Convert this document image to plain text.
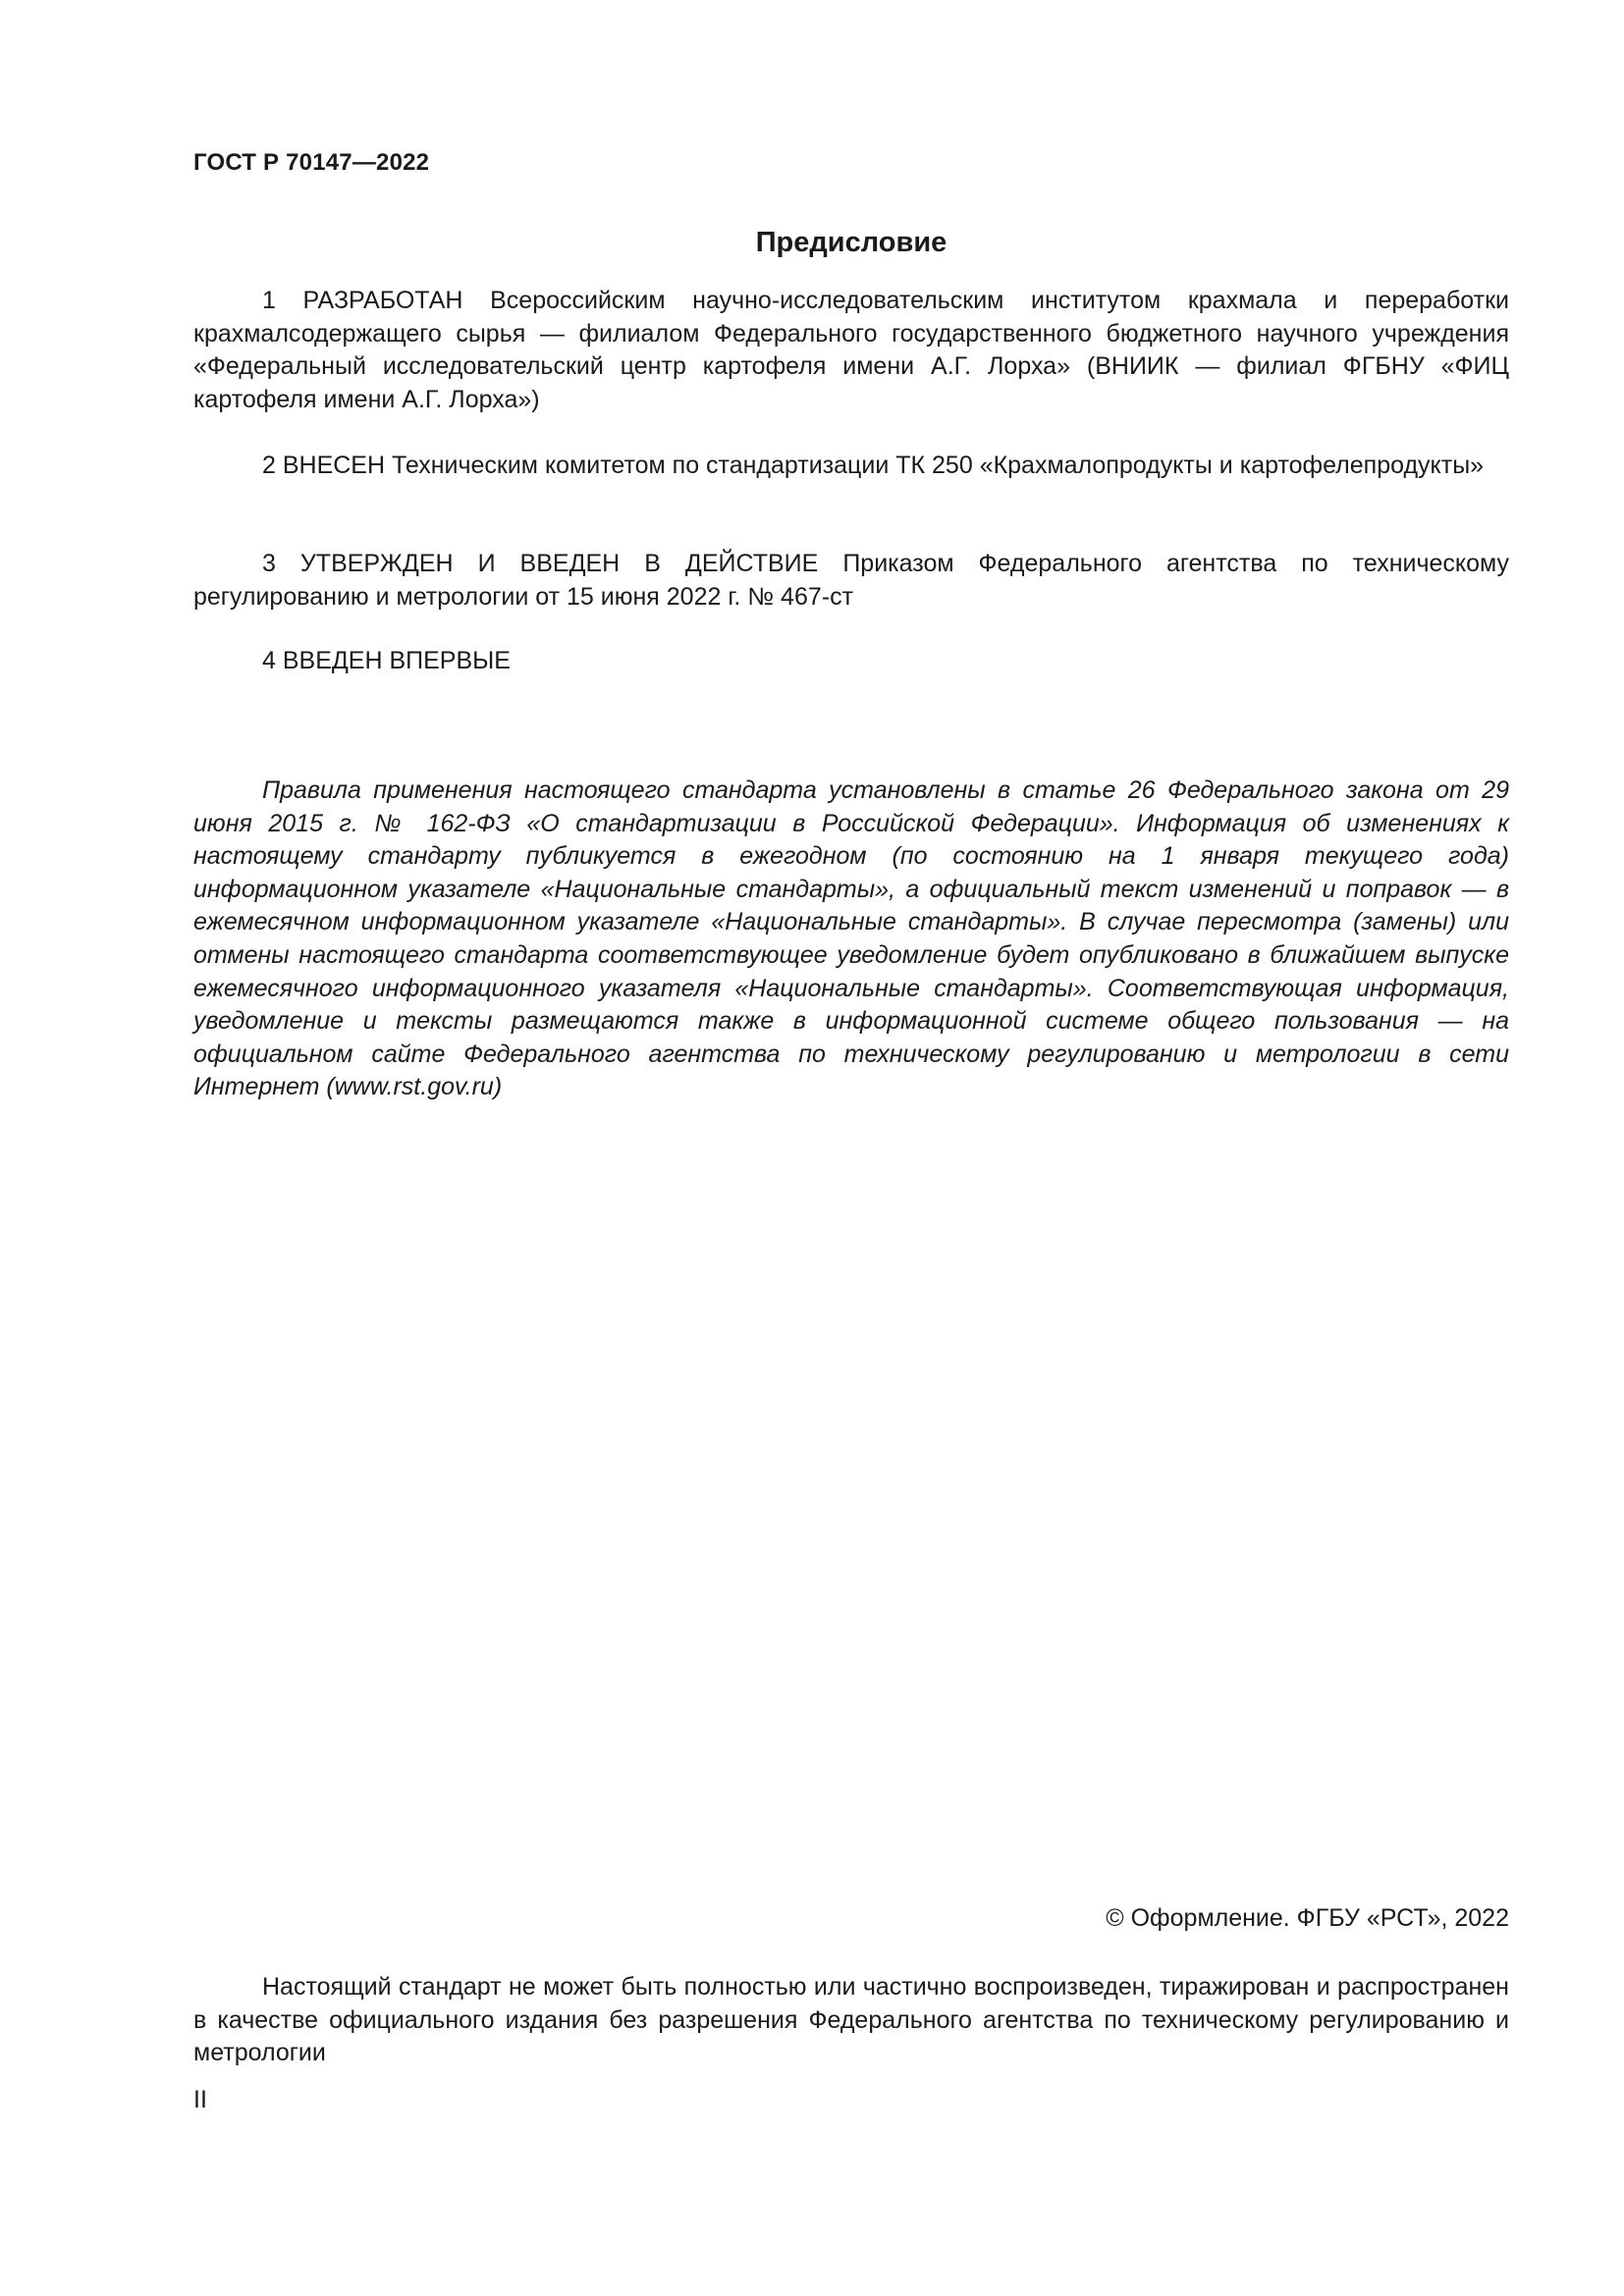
ГОСТ Р 70147—2022
Предисловие

1 РАЗРАБОТАН Всероссийским научно-исследовательским институтом крахмала и переработки крахмалсодержащего сырья — филиалом Федерального государственного бюджетного научного учреждения «Федеральный исследовательский центр картофеля имени А.Г. Лорха» (ВНИИК — филиал ФГБНУ «ФИЦ картофеля имени А.Г. Лорха»)

2 ВНЕСЕН Техническим комитетом по стандартизации ТК 250 «Крахмалопродукты и картофелепродукты»

3 УТВЕРЖДЕН И ВВЕДЕН В ДЕЙСТВИЕ Приказом Федерального агентства по техническому регулированию и метрологии от 15 июня 2022 г. № 467-ст

4 ВВЕДЕН ВПЕРВЫЕ

Правила применения настоящего стандарта установлены в статье 26 Федерального закона от 29 июня 2015 г. № 162-ФЗ «О стандартизации в Российской Федерации». Информация об изменениях к настоящему стандарту публикуется в ежегодном (по состоянию на 1 января текущего года) информационном указателе «Национальные стандарты», а официальный текст изменений и поправок — в ежемесячном информационном указателе «Национальные стандарты». В случае пересмотра (замены) или отмены настоящего стандарта соответствующее уведомление будет опубликовано в ближайшем выпуске ежемесячного информационного указателя «Национальные стандарты». Соответствующая информация, уведомление и тексты размещаются также в информационной системе общего пользования — на официальном сайте Федерального агентства по техническому регулированию и метрологии в сети Интернет (www.rst.gov.ru)

© Оформление. ФГБУ «РСТ», 2022

Настоящий стандарт не может быть полностью или частично воспроизведен, тиражирован и распространен в качестве официального издания без разрешения Федерального агентства по техническому регулированию и метрологии

II
